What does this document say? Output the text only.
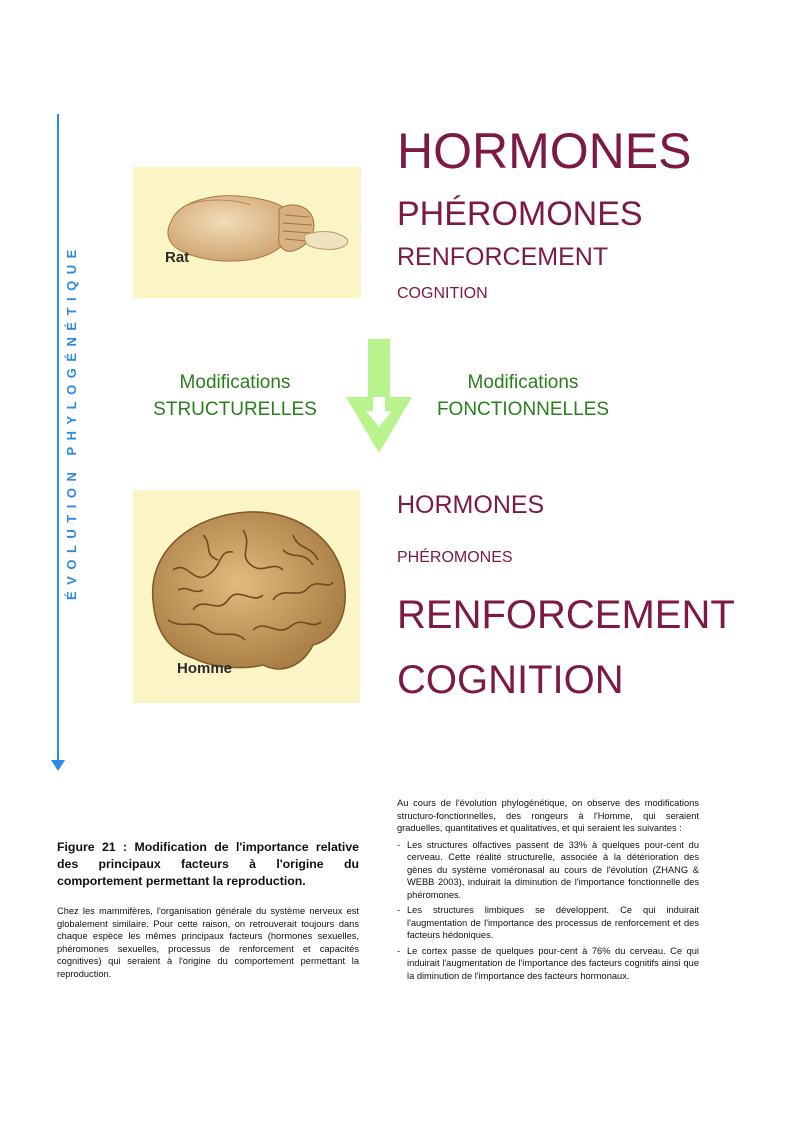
ÉVOLUTION PHYLOGÉNÉTIQUE	Rat
Homme
HORMONES
PHÉROMONES
RENFORCEMENT
COGNITION
Modifications
STRUCTURELLES
Modifications
FONCTIONNELLES
HORMONES
PHÉROMONES
RENFORCEMENT
COGNITION
Figure 21 : Modification de l'importance relative des principaux facteurs à l'origine du comportement permettant la reproduction.
Chez les mammifères, l'organisation générale du système nerveux est globalement similaire. Pour cette raison, on retrouverait toujours dans chaque espèce les mêmes principaux facteurs (hormones sexuelles, phéromones sexuelles, processus de renforcement et capacités cognitives) qui seraient à l'origine du comportement permettant la reproduction.
Au cours de l'évolution phylogénétique, on observe des modifications structuro-fonctionnelles, des rongeurs à l'Homme, qui seraient graduelles, quantitatives et qualitatives, et qui seraient les suivantes :
- Les structures olfactives passent de 33% à quelques pour-cent du cerveau. Cette réalité structurelle, associée à la détérioration des gènes du système voméronasal au cours de l'évolution (ZHANG & WEBB 2003), induirait la diminution de l'importance fonctionnelle des phéromones.
- Les structures limbiques se développent. Ce qui induirait l'augmentation de l'importance des processus de renforcement et des facteurs hédoniques.
- Le cortex passe de quelques pour-cent à 76% du cerveau. Ce qui induirait l'augmentation de l'importance des facteurs cognitifs ainsi que la diminution de l'importance des facteurs hormonaux.
